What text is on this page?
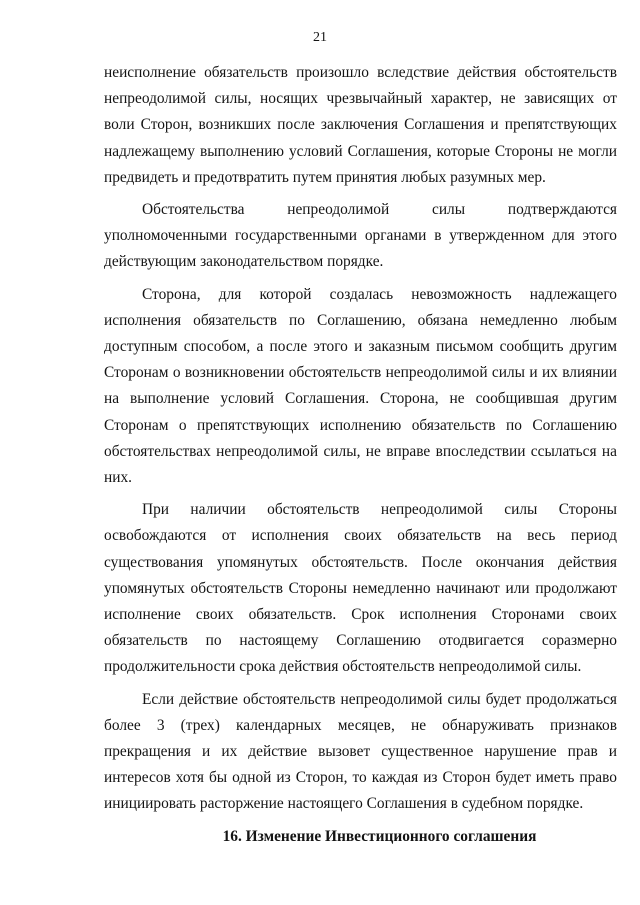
21

неисполнение обязательств произошло вследствие действия обстоятельств непреодолимой силы, носящих чрезвычайный характер, не зависящих от воли Сторон, возникших после заключения Соглашения и препятствующих надлежащему выполнению условий Соглашения, которые Стороны не могли предвидеть и предотвратить путем принятия любых разумных мер.

Обстоятельства непреодолимой силы подтверждаются уполномоченными государственными органами в утвержденном для этого действующим законодательством порядке.

Сторона, для которой создалась невозможность надлежащего исполнения обязательств по Соглашению, обязана немедленно любым доступным способом, а после этого и заказным письмом сообщить другим Сторонам о возникновении обстоятельств непреодолимой силы и их влиянии на выполнение условий Соглашения. Сторона, не сообщившая другим Сторонам о препятствующих исполнению обязательств по Соглашению обстоятельствах непреодолимой силы, не вправе впоследствии ссылаться на них.

При наличии обстоятельств непреодолимой силы Стороны освобождаются от исполнения своих обязательств на весь период существования упомянутых обстоятельств. После окончания действия упомянутых обстоятельств Стороны немедленно начинают или продолжают исполнение своих обязательств. Срок исполнения Сторонами своих обязательств по настоящему Соглашению отодвигается соразмерно продолжительности срока действия обстоятельств непреодолимой силы.

Если действие обстоятельств непреодолимой силы будет продолжаться более 3 (трех) календарных месяцев, не обнаруживать признаков прекращения и их действие вызовет существенное нарушение прав и интересов хотя бы одной из Сторон, то каждая из Сторон будет иметь право инициировать расторжение настоящего Соглашения в судебном порядке.

16. Изменение Инвестиционного соглашения
